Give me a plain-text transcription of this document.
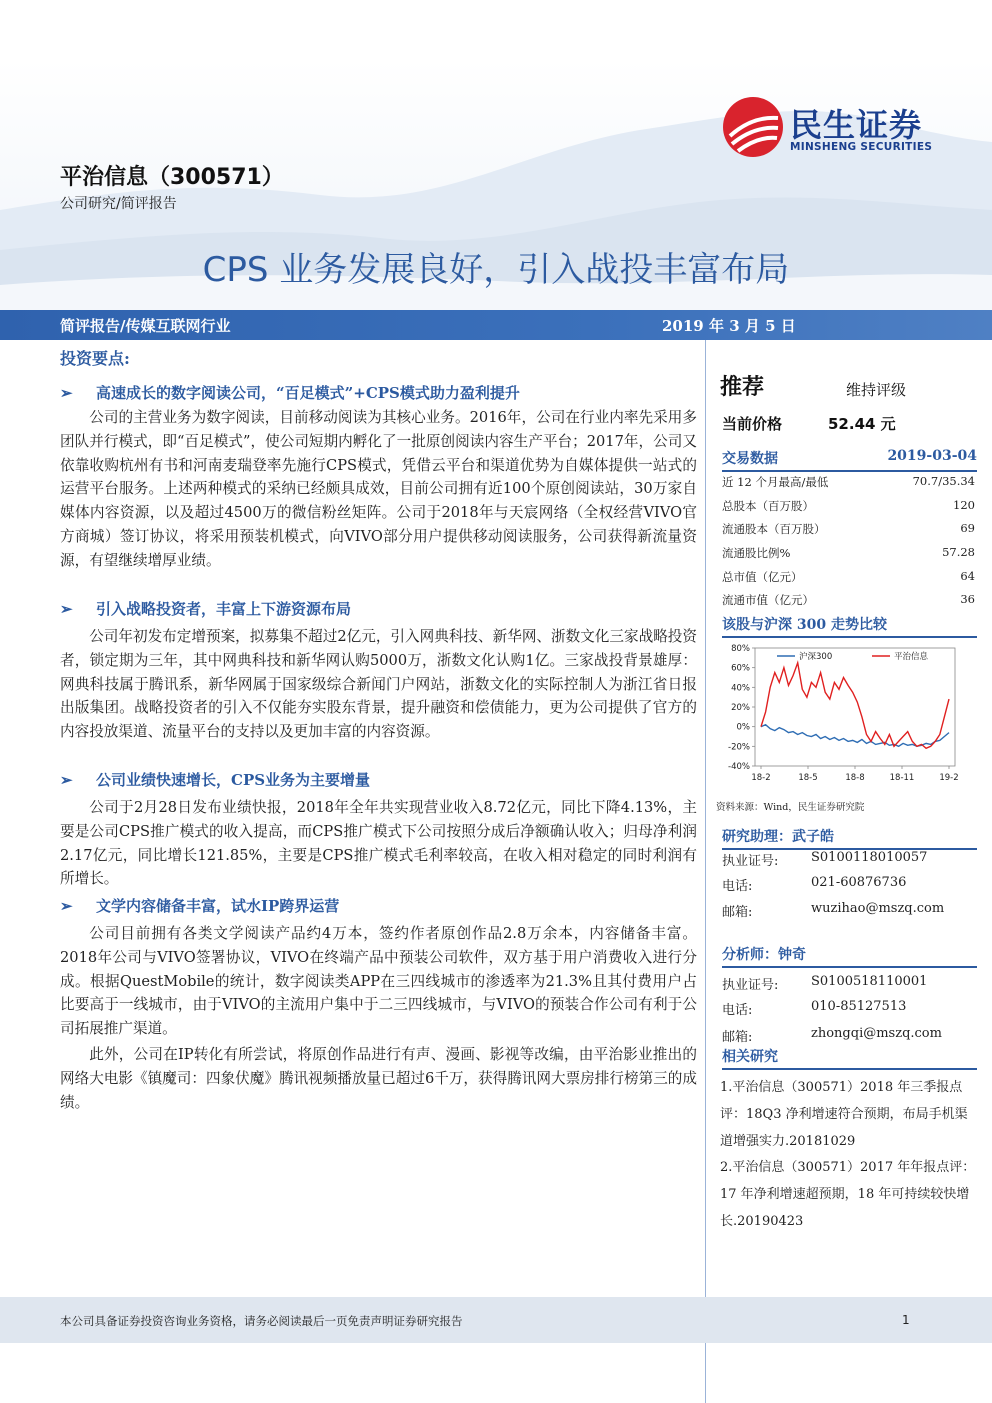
民生证券
MINSHENG SECURITIES
平治信息（300571）
公司研究/简评报告
CPS 业务发展良好，引入战投丰富布局
简评报告/传媒互联网行业	2019 年 3 月 5 日
投资要点:
➢ 高速成长的数字阅读公司，“百足模式”+CPS模式助力盈利提升
公司的主营业务为数字阅读，目前移动阅读为其核心业务。2016年，公司在行业内率先采用多团队并行模式，即“百足模式”，使公司短期内孵化了一批原创阅读内容生产平台；2017年，公司又依靠收购杭州有书和河南麦瑞登率先施行CPS模式，凭借云平台和渠道优势为自媒体提供一站式的运营平台服务。上述两种模式的采纳已经颇具成效，目前公司拥有近100个原创阅读站，30万家自媒体内容资源，以及超过4500万的微信粉丝矩阵。公司于2018年与天宸网络（全权经营VIVO官方商城）签订协议，将采用预装机模式，向VIVO部分用户提供移动阅读服务，公司获得新流量资源，有望继续增厚业绩。
➢ 引入战略投资者，丰富上下游资源布局
公司年初发布定增预案，拟募集不超过2亿元，引入网典科技、新华网、浙数文化三家战略投资者，锁定期为三年，其中网典科技和新华网认购5000万，浙数文化认购1亿。三家战投背景雄厚：网典科技属于腾讯系，新华网属于国家级综合新闻门户网站，浙数文化的实际控制人为浙江省日报出版集团。战略投资者的引入不仅能夯实股东背景，提升融资和偿债能力，更为公司提供了官方的内容投放渠道、流量平台的支持以及更加丰富的内容资源。
➢ 公司业绩快速增长，CPS业务为主要增量
公司于2月28日发布业绩快报，2018年全年共实现营业收入8.72亿元，同比下降4.13%，主要是公司CPS推广模式的收入提高，而CPS推广模式下公司按照分成后净额确认收入；归母净利润2.17亿元，同比增长121.85%，主要是CPS推广模式毛利率较高，在收入相对稳定的同时利润有所增长。
➢ 文学内容储备丰富，试水IP跨界运营
公司目前拥有各类文学阅读产品约4万本，签约作者原创作品2.8万余本，内容储备丰富。2018年公司与VIVO签署协议，VIVO在终端产品中预装公司软件，双方基于用户消费收入进行分成。根据QuestMobile的统计，数字阅读类APP在三四线城市的渗透率为21.3%且其付费用户占比要高于一线城市，由于VIVO的主流用户集中于二三四线城市，与VIVO的预装合作公司有利于公司拓展推广渠道。
此外，公司在IP转化有所尝试，将原创作品进行有声、漫画、影视等改编，由平治影业推出的网络大电影《镇魔司：四象伏魔》腾讯视频播放量已超过6千万，获得腾讯网大票房排行榜第三的成绩。
推荐	维持评级
当前价格	52.44 元
交易数据	2019-03-04
近 12 个月最高/最低	70.7/35.34
总股本（百万股）	120
流通股本（百万股）	69
流通股比例%	57.28
总市值（亿元）	64
流通市值（亿元）	36
该股与沪深 300 走势比较
80%
60%
40%
20%
0%
-20%
-40%
18-2	18-5	18-8	18-11	19-2
沪深300	平治信息
资料来源：Wind，民生证券研究院
研究助理：武子皓
执业证号:	S0100118010057
电话:	021-60876736
邮箱:	wuzihao@mszq.com
分析师：钟奇
执业证号:	S0100518110001
电话:	010-85127513
邮箱:	zhongqi@mszq.com
相关研究
1.平治信息（300571）2018 年三季报点评：18Q3 净利增速符合预期，布局手机渠道增强实力.20181029
2.平治信息（300571）2017 年年报点评：17 年净利增速超预期，18 年可持续较快增长.20190423
本公司具备证券投资咨询业务资格，请务必阅读最后一页免责声明证券研究报告	1
